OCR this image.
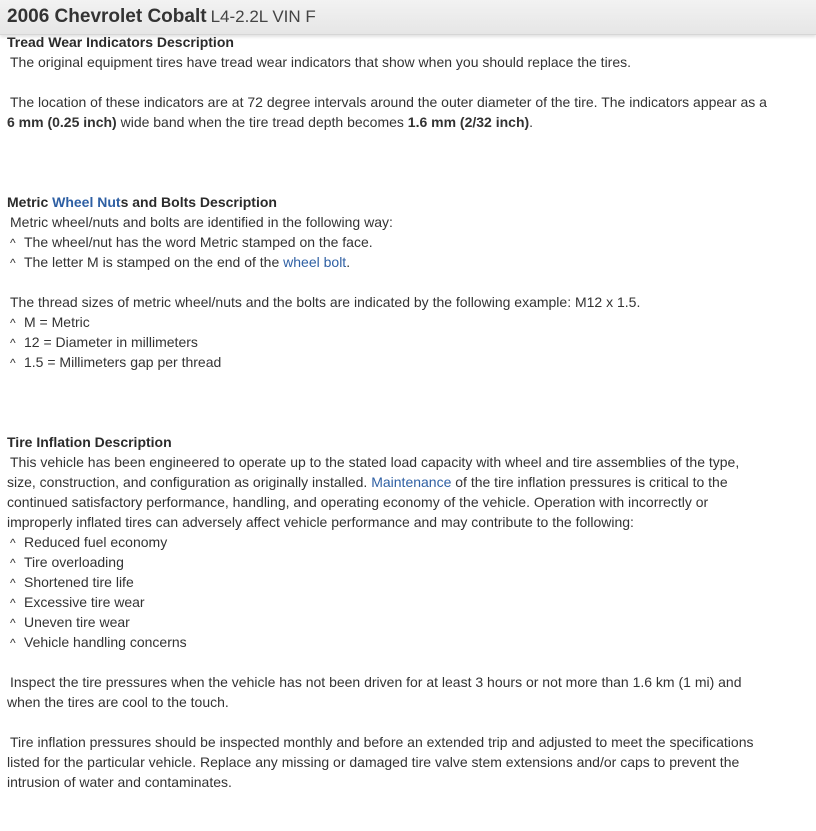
2006 Chevrolet Cobalt L4-2.2L VIN F
Tread Wear Indicators Description
The original equipment tires have tread wear indicators that show when you should replace the tires.
The location of these indicators are at 72 degree intervals around the outer diameter of the tire. The indicators appear as a
6 mm (0.25 inch) wide band when the tire tread depth becomes 1.6 mm (2/32 inch).
Metric Wheel Nuts and Bolts Description
Metric wheel/nuts and bolts are identified in the following way:
^ The wheel/nut has the word Metric stamped on the face.
^ The letter M is stamped on the end of the wheel bolt.
The thread sizes of metric wheel/nuts and the bolts are indicated by the following example: M12 x 1.5.
^ M = Metric
^ 12 = Diameter in millimeters
^ 1.5 = Millimeters gap per thread
Tire Inflation Description
This vehicle has been engineered to operate up to the stated load capacity with wheel and tire assemblies of the type,
size, construction, and configuration as originally installed. Maintenance of the tire inflation pressures is critical to the
continued satisfactory performance, handling, and operating economy of the vehicle. Operation with incorrectly or
improperly inflated tires can adversely affect vehicle performance and may contribute to the following:
^ Reduced fuel economy
^ Tire overloading
^ Shortened tire life
^ Excessive tire wear
^ Uneven tire wear
^ Vehicle handling concerns
Inspect the tire pressures when the vehicle has not been driven for at least 3 hours or not more than 1.6 km (1 mi) and
when the tires are cool to the touch.
Tire inflation pressures should be inspected monthly and before an extended trip and adjusted to meet the specifications
listed for the particular vehicle. Replace any missing or damaged tire valve stem extensions and/or caps to prevent the
intrusion of water and contaminates.
